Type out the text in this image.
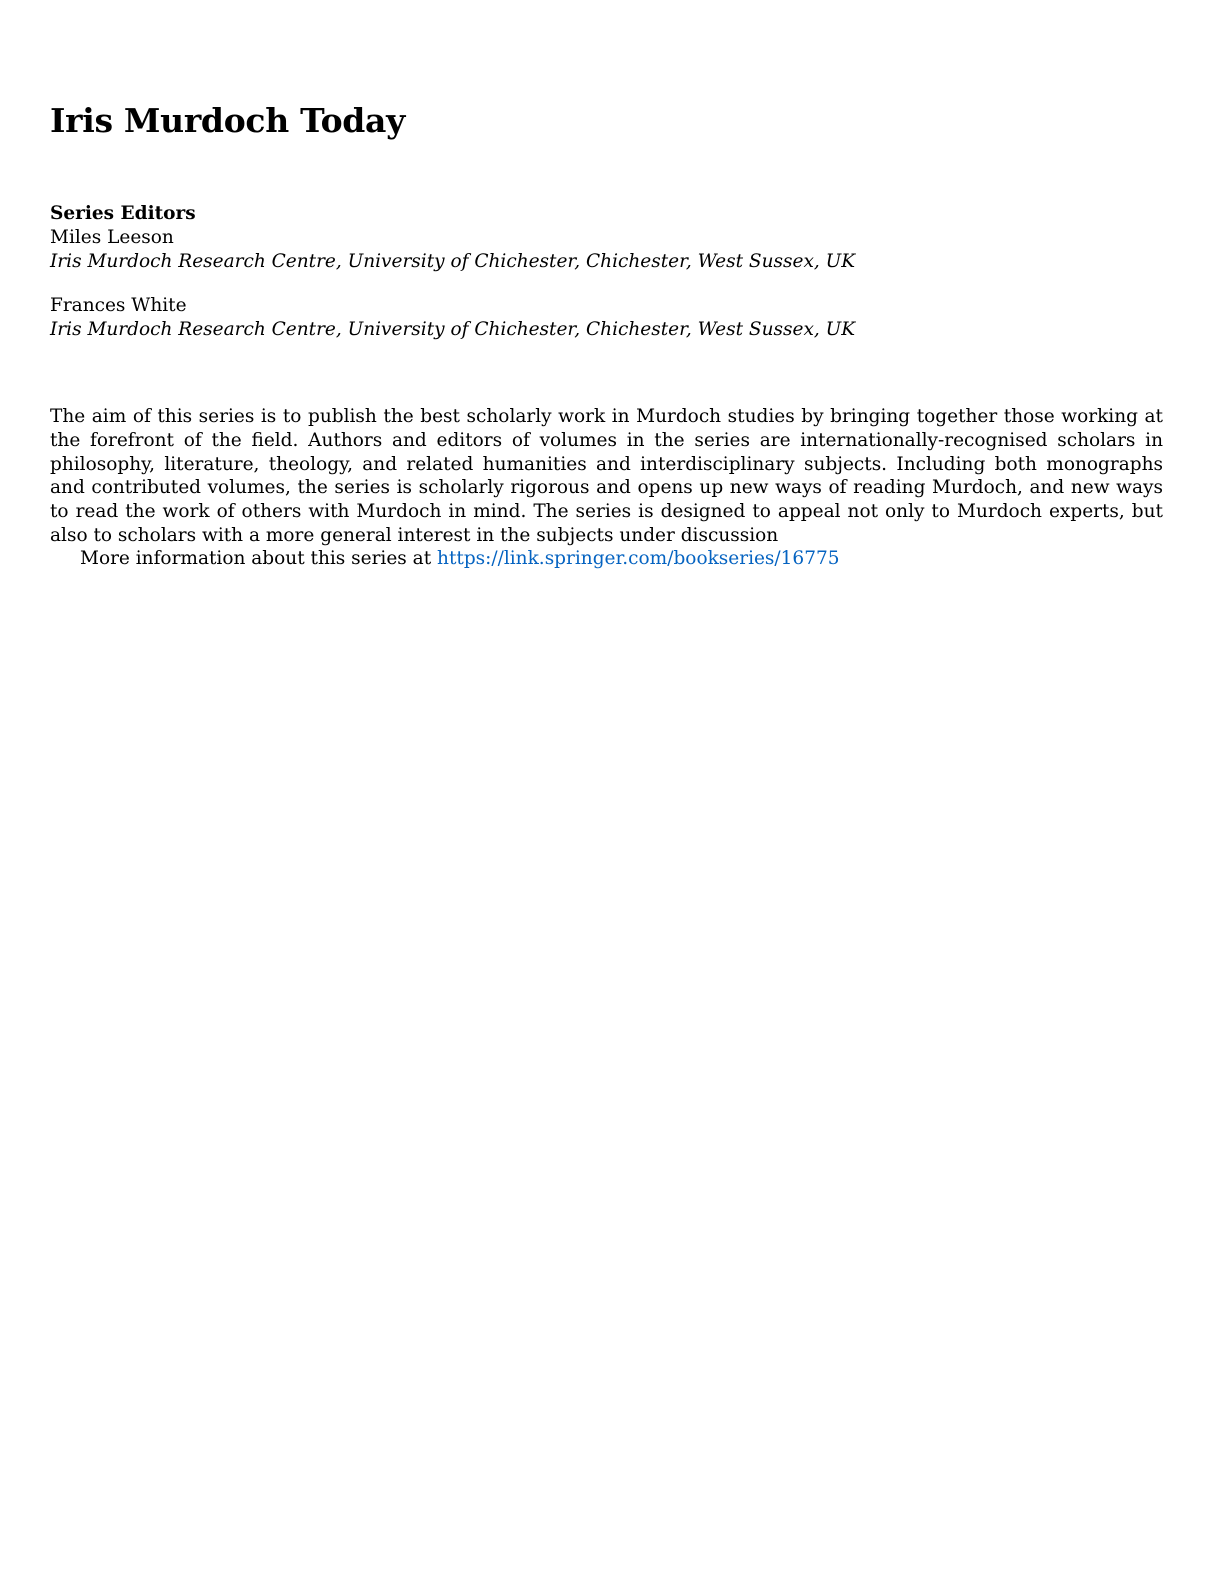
Iris Murdoch Today
Series Editors
Miles Leeson
Iris Murdoch Research Centre, University of Chichester, Chichester, West Sussex, UK
Frances White
Iris Murdoch Research Centre, University of Chichester, Chichester, West Sussex, UK

The aim of this series is to publish the best scholarly work in Murdoch studies by bringing together those working at the forefront of the field. Authors and editors of volumes in the series are internationally-recognised scholars in philosophy, literature, theology, and related humanities and interdisciplinary subjects. Including both monographs and contributed volumes, the series is scholarly rigorous and opens up new ways of reading Murdoch, and new ways to read the work of others with Murdoch in mind. The series is designed to appeal not only to Murdoch experts, but also to scholars with a more general interest in the subjects under discussion

More information about this series at https://link.springer.com/bookseries/16775
